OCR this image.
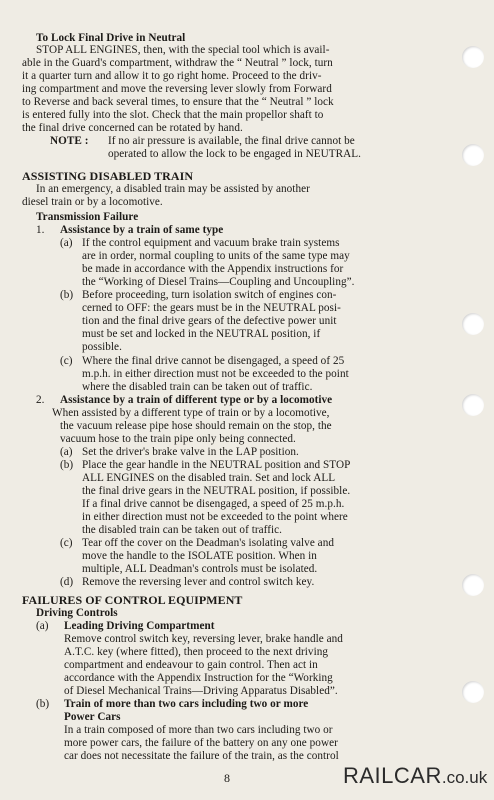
To Lock Final Drive in Neutral
STOP ALL ENGINES, then, with the special tool which is avail-
able in the Guard's compartment, withdraw the “ Neutral ” lock, turn
it a quarter turn and allow it to go right home. Proceed to the driv-
ing compartment and move the reversing lever slowly from Forward
to Reverse and back several times, to ensure that the “ Neutral ” lock
is entered fully into the slot. Check that the main propellor shaft to
the final drive concerned can be rotated by hand.
NOTE : If no air pressure is available, the final drive cannot be
operated to allow the lock to be engaged in NEUTRAL.
ASSISTING DISABLED TRAIN
In an emergency, a disabled train may be assisted by another
diesel train or by a locomotive.
Transmission Failure
1. Assistance by a train of same type
(a) If the control equipment and vacuum brake train systems
are in order, normal coupling to units of the same type may
be made in accordance with the Appendix instructions for
the “Working of Diesel Trains—Coupling and Uncoupling”.
(b) Before proceeding, turn isolation switch of engines con-
cerned to OFF: the gears must be in the NEUTRAL posi-
tion and the final drive gears of the defective power unit
must be set and locked in the NEUTRAL position, if
possible.
(c) Where the final drive cannot be disengaged, a speed of 25
m.p.h. in either direction must not be exceeded to the point
where the disabled train can be taken out of traffic.
2. Assistance by a train of different type or by a locomotive
When assisted by a different type of train or by a locomotive,
the vacuum release pipe hose should remain on the stop, the
vacuum hose to the train pipe only being connected.
(a) Set the driver's brake valve in the LAP position.
(b) Place the gear handle in the NEUTRAL position and STOP
ALL ENGINES on the disabled train. Set and lock ALL
the final drive gears in the NEUTRAL position, if possible.
If a final drive cannot be disengaged, a speed of 25 m.p.h.
in either direction must not be exceeded to the point where
the disabled train can be taken out of traffic.
(c) Tear off the cover on the Deadman's isolating valve and
move the handle to the ISOLATE position. When in
multiple, ALL Deadman's controls must be isolated.
(d) Remove the reversing lever and control switch key.
FAILURES OF CONTROL EQUIPMENT
Driving Controls
(a) Leading Driving Compartment
Remove control switch key, reversing lever, brake handle and
A.T.C. key (where fitted), then proceed to the next driving
compartment and endeavour to gain control. Then act in
accordance with the Appendix Instruction for the “Working
of Diesel Mechanical Trains—Driving Apparatus Disabled”.
(b) Train of more than two cars including two or more
Power Cars
In a train composed of more than two cars including two or
more power cars, the failure of the battery on any one power
car does not necessitate the failure of the train, as the control
8	RAILCAR.co.uk
